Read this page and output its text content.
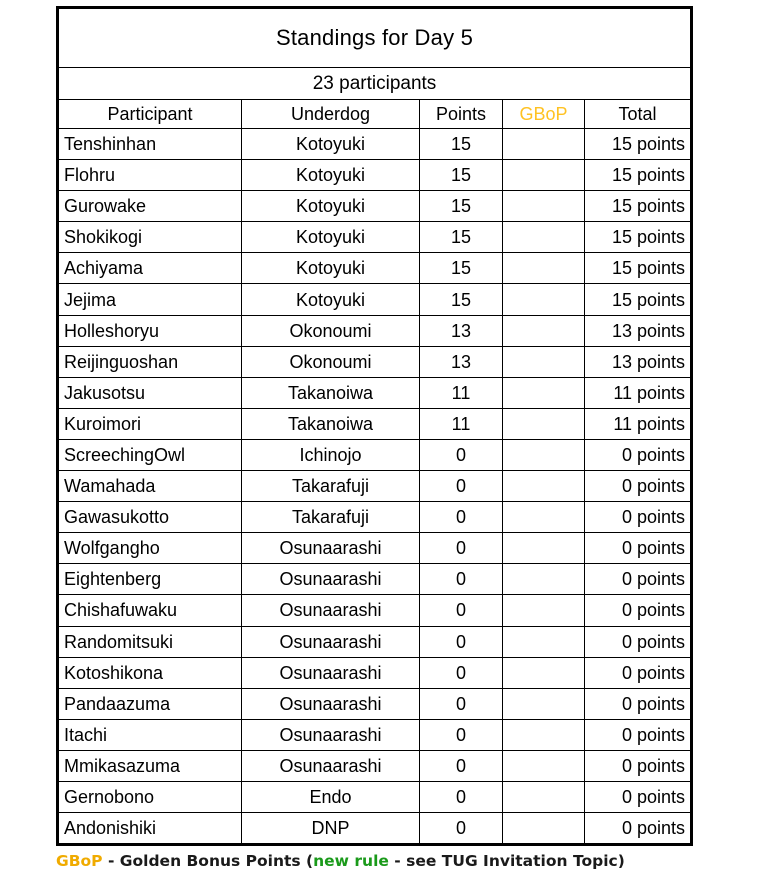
Standings for Day 5				
23 participants				
Participant	Underdog	Points	GBoP	Total
Tenshinhan	Kotoyuki	15		15 points
Flohru	Kotoyuki	15		15 points
Gurowake	Kotoyuki	15		15 points
Shokikogi	Kotoyuki	15		15 points
Achiyama	Kotoyuki	15		15 points
Jejima	Kotoyuki	15		15 points
Holleshoryu	Okonoumi	13		13 points
Reijinguoshan	Okonoumi	13		13 points
Jakusotsu	Takanoiwa	11		11 points
Kuroimori	Takanoiwa	11		11 points
ScreechingOwl	Ichinojo	0		0 points
Wamahada	Takarafuji	0		0 points
Gawasukotto	Takarafuji	0		0 points
Wolfgangho	Osunaarashi	0		0 points
Eightenberg	Osunaarashi	0		0 points
Chishafuwaku	Osunaarashi	0		0 points
Randomitsuki	Osunaarashi	0		0 points
Kotoshikona	Osunaarashi	0		0 points
Pandaazuma	Osunaarashi	0		0 points
Itachi	Osunaarashi	0		0 points
Mmikasazuma	Osunaarashi	0		0 points
Gernobono	Endo	0		0 points
Andonishiki	DNP	0		0 points
GBoP - Golden Bonus Points (new rule - see TUG Invitation Topic)
